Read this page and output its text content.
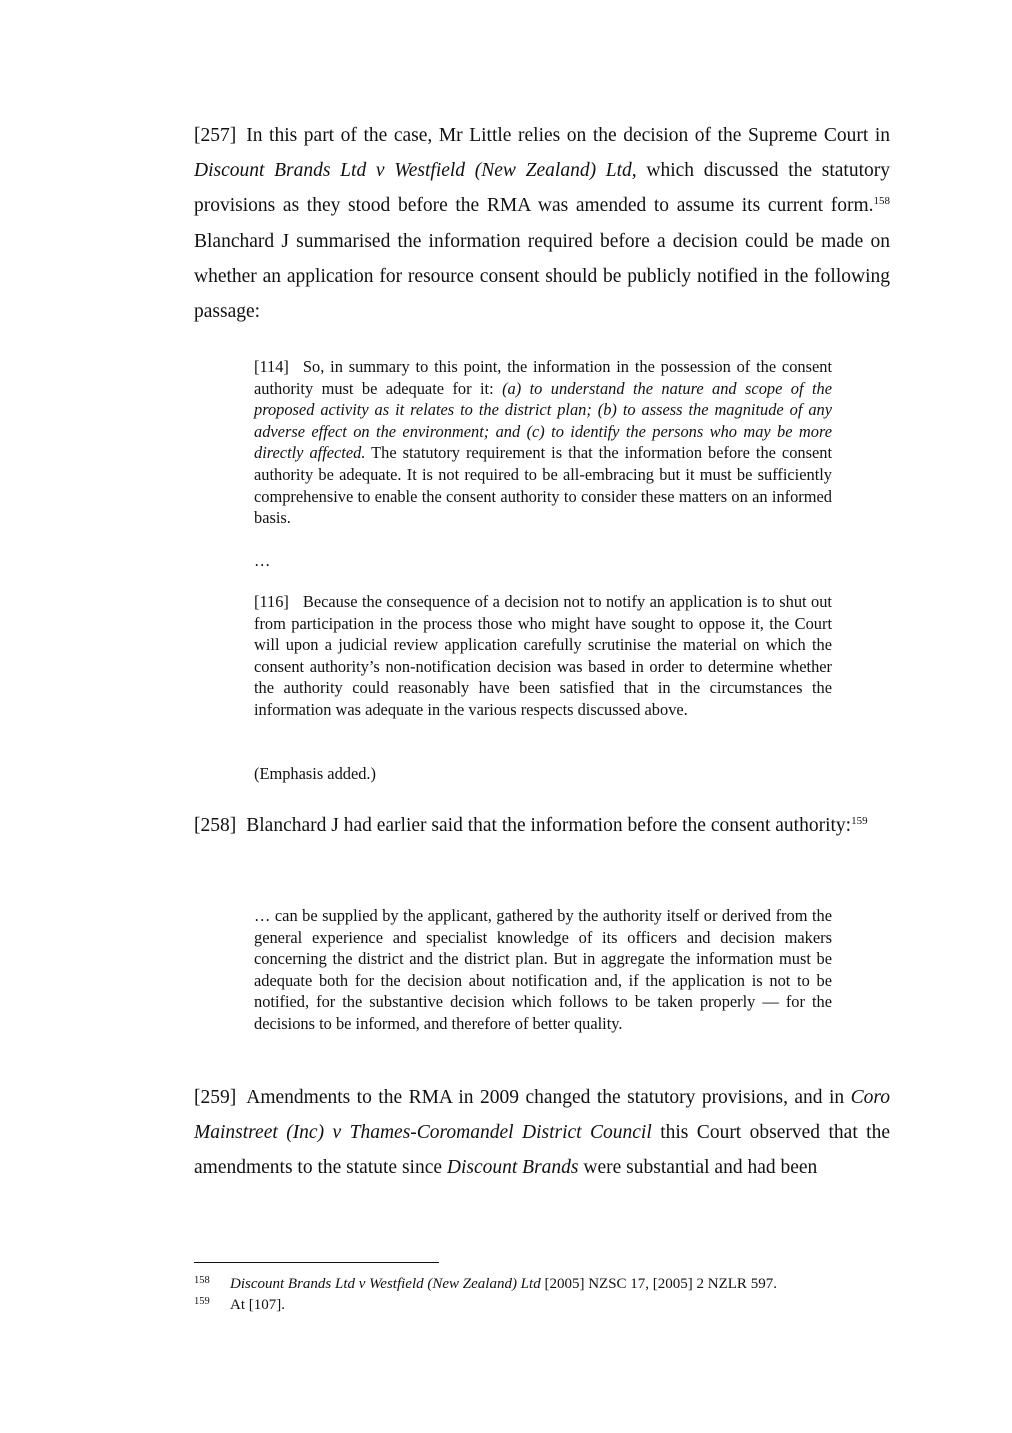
[257] In this part of the case, Mr Little relies on the decision of the Supreme Court in Discount Brands Ltd v Westfield (New Zealand) Ltd, which discussed the statutory provisions as they stood before the RMA was amended to assume its current form.$^{158}$ Blanchard J summarised the information required before a decision could be made on whether an application for resource consent should be publicly notified in the following passage:

[114] So, in summary to this point, the information in the possession of the consent authority must be adequate for it: (a) to understand the nature and scope of the proposed activity as it relates to the district plan; (b) to assess the magnitude of any adverse effect on the environment; and (c) to identify the persons who may be more directly affected. The statutory requirement is that the information before the consent authority be adequate. It is not required to be all-embracing but it must be sufficiently comprehensive to enable the consent authority to consider these matters on an informed basis.

…

[116] Because the consequence of a decision not to notify an application is to shut out from participation in the process those who might have sought to oppose it, the Court will upon a judicial review application carefully scrutinise the material on which the consent authority’s non-notification decision was based in order to determine whether the authority could reasonably have been satisfied that in the circumstances the information was adequate in the various respects discussed above.

(Emphasis added.)

[258] Blanchard J had earlier said that the information before the consent authority:$^{159}$

… can be supplied by the applicant, gathered by the authority itself or derived from the general experience and specialist knowledge of its officers and decision makers concerning the district and the district plan. But in aggregate the information must be adequate both for the decision about notification and, if the application is not to be notified, for the substantive decision which follows to be taken properly — for the decisions to be informed, and therefore of better quality.

[259] Amendments to the RMA in 2009 changed the statutory provisions, and in Coro Mainstreet (Inc) v Thames-Coromandel District Council this Court observed that the amendments to the statute since Discount Brands were substantial and had been

158 Discount Brands Ltd v Westfield (New Zealand) Ltd [2005] NZSC 17, [2005] 2 NZLR 597.
159 At [107].
